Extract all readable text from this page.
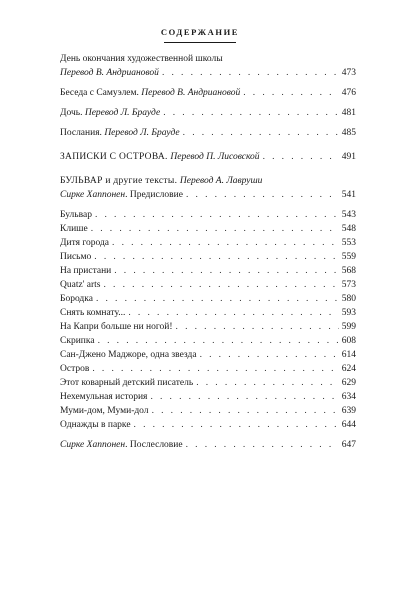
СОДЕРЖАНИЕ
День окончания художественной школы
Перевод В. Андриановой . . .	473
Беседа с Самуэлем. Перевод В. Андриановой . . .	476
Дочь. Перевод Л. Брауде . . .	481
Послания. Перевод Л. Брауде . . .	485
ЗАПИСКИ С ОСТРОВА. Перевод П. Лисовской . . .	491
БУЛЬВАР и другие тексты. Перевод А. Лавруши
Сирке Хаппонен. Предисловие . . .	541
Бульвар . . .	543
Клише . . .	548
Дитя города . . .	553
Письмо . . .	559
На пристани . . .	568
Quatz' arts . . .	573
Бородка . . .	580
Снять комнату... . . .	593
На Капри больше ни ногой! . . .	599
Скрипка . . .	608
Сан-Джено Маджоре, одна звезда . . .	614
Остров . . .	624
Этот коварный детский писатель . . .	629
Нехемульная история . . .	634
Муми-дом, Муми-дол . . .	639
Однажды в парке . . .	644
Сирке Хаппонен. Послесловие . . .	647
